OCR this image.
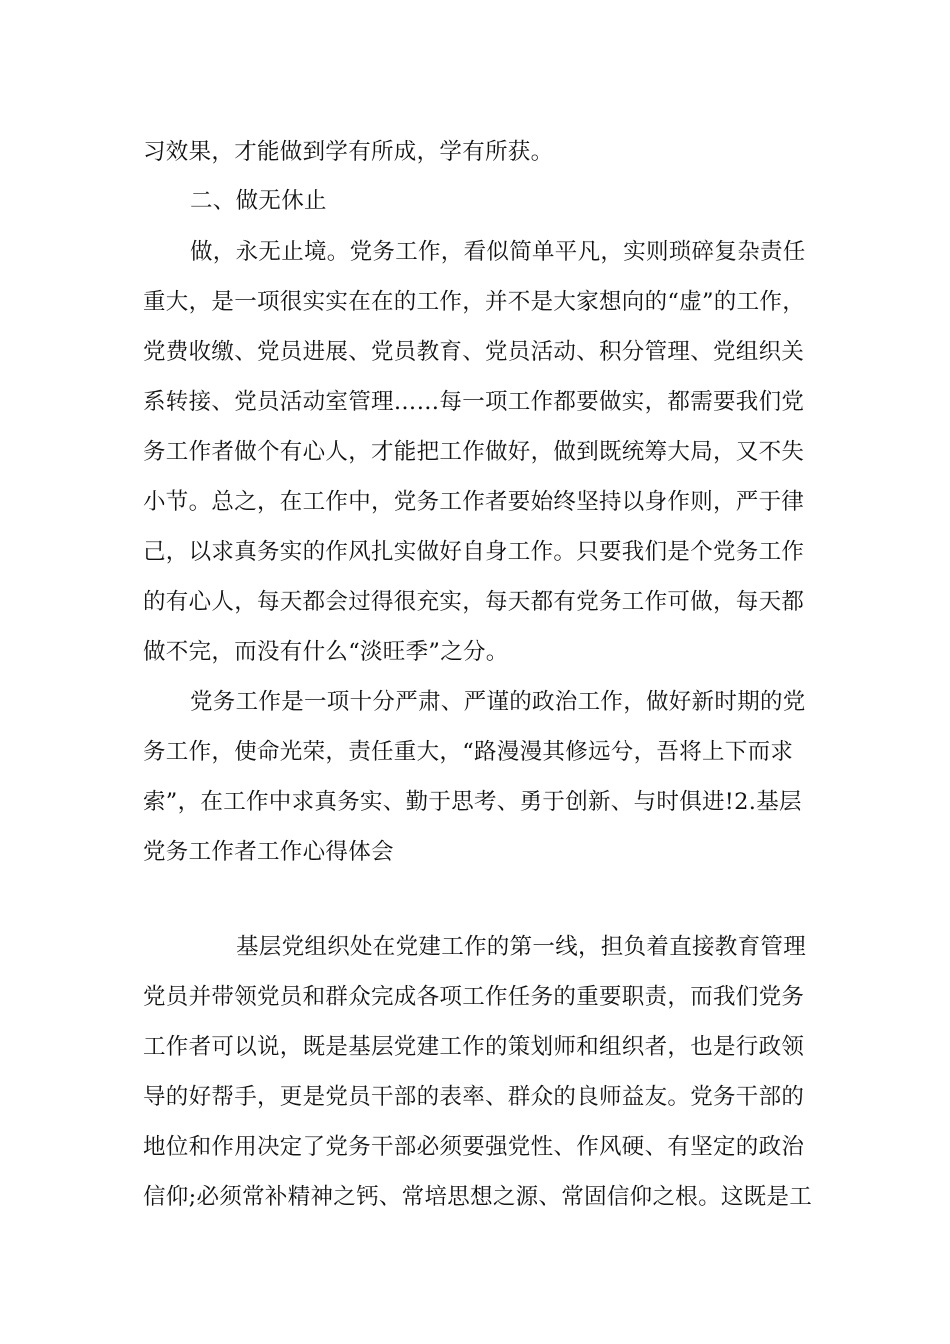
习效果，才能做到学有所成，学有所获。
二、做无休止
做，永无止境。党务工作，看似简单平凡，实则琐碎复杂责任
重大，是一项很实实在在的工作，并不是大家想向的“虚”的工作，
党费收缴、党员进展、党员教育、党员活动、积分管理、党组织关
系转接、党员活动室管理……每一项工作都要做实，都需要我们党
务工作者做个有心人，才能把工作做好，做到既统筹大局，又不失
小节。总之，在工作中，党务工作者要始终坚持以身作则，严于律
己，以求真务实的作风扎实做好自身工作。只要我们是个党务工作
的有心人，每天都会过得很充实，每天都有党务工作可做，每天都
做不完，而没有什么“淡旺季”之分。
党务工作是一项十分严肃、严谨的政治工作，做好新时期的党
务工作，使命光荣，责任重大，“路漫漫其修远兮，吾将上下而求
索”，在工作中求真务实、勤于思考、勇于创新、与时俱进!2.基层
党务工作者工作心得体会
基层党组织处在党建工作的第一线，担负着直接教育管理
党员并带领党员和群众完成各项工作任务的重要职责，而我们党务
工作者可以说，既是基层党建工作的策划师和组织者，也是行政领
导的好帮手，更是党员干部的表率、群众的良师益友。党务干部的
地位和作用决定了党务干部必须要强党性、作风硬、有坚定的政治
信仰;必须常补精神之钙、常培思想之源、常固信仰之根。这既是工
